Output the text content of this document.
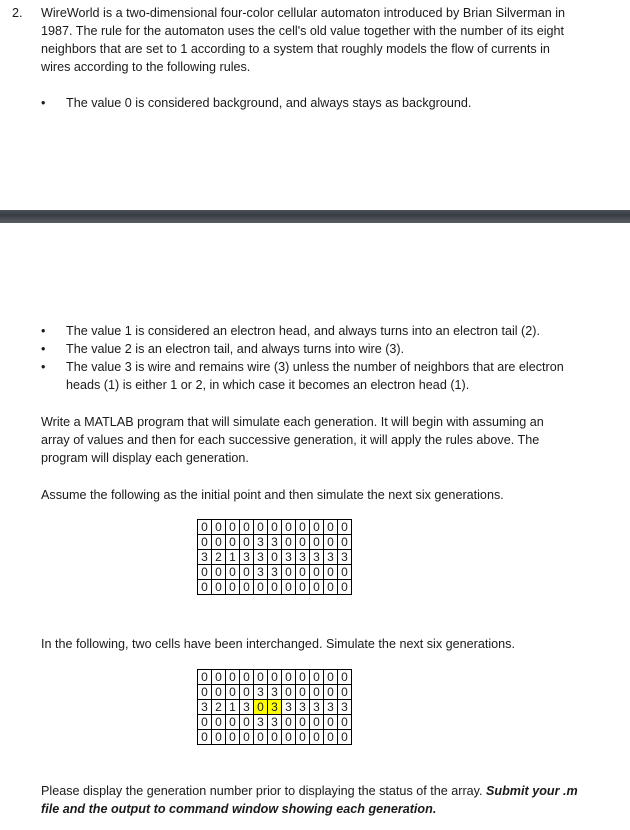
2. WireWorld is a two-dimensional four-color cellular automaton introduced by Brian Silverman in
1987. The rule for the automaton uses the cell's old value together with the number of its eight
neighbors that are set to 1 according to a system that roughly models the flow of currents in
wires according to the following rules.
•	The value 0 is considered background, and always stays as background.
•	The value 1 is considered an electron head, and always turns into an electron tail (2).
•	The value 2 is an electron tail, and always turns into wire (3).
•	The value 3 is wire and remains wire (3) unless the number of neighbors that are electron
heads (1) is either 1 or 2, in which case it becomes an electron head (1).
Write a MATLAB program that will simulate each generation. It will begin with assuming an
array of values and then for each successive generation, it will apply the rules above. The
program will display each generation.
Assume the following as the initial point and then simulate the next six generations.
0	0	0	0	0	0	0	0	0	0	0
0	0	0	0	3	3	0	0	0	0	0
3	2	1	3	3	0	3	3	3	3	3
0	0	0	0	3	3	0	0	0	0	0
0	0	0	0	0	0	0	0	0	0	0
In the following, two cells have been interchanged. Simulate the next six generations.
0	0	0	0	0	0	0	0	0	0	0
0	0	0	0	3	3	0	0	0	0	0
3	2	1	3	0	3	3	3	3	3	3
0	0	0	0	3	3	0	0	0	0	0
0	0	0	0	0	0	0	0	0	0	0
Please display the generation number prior to displaying the status of the array. Submit your .m
file and the output to command window showing each generation.
